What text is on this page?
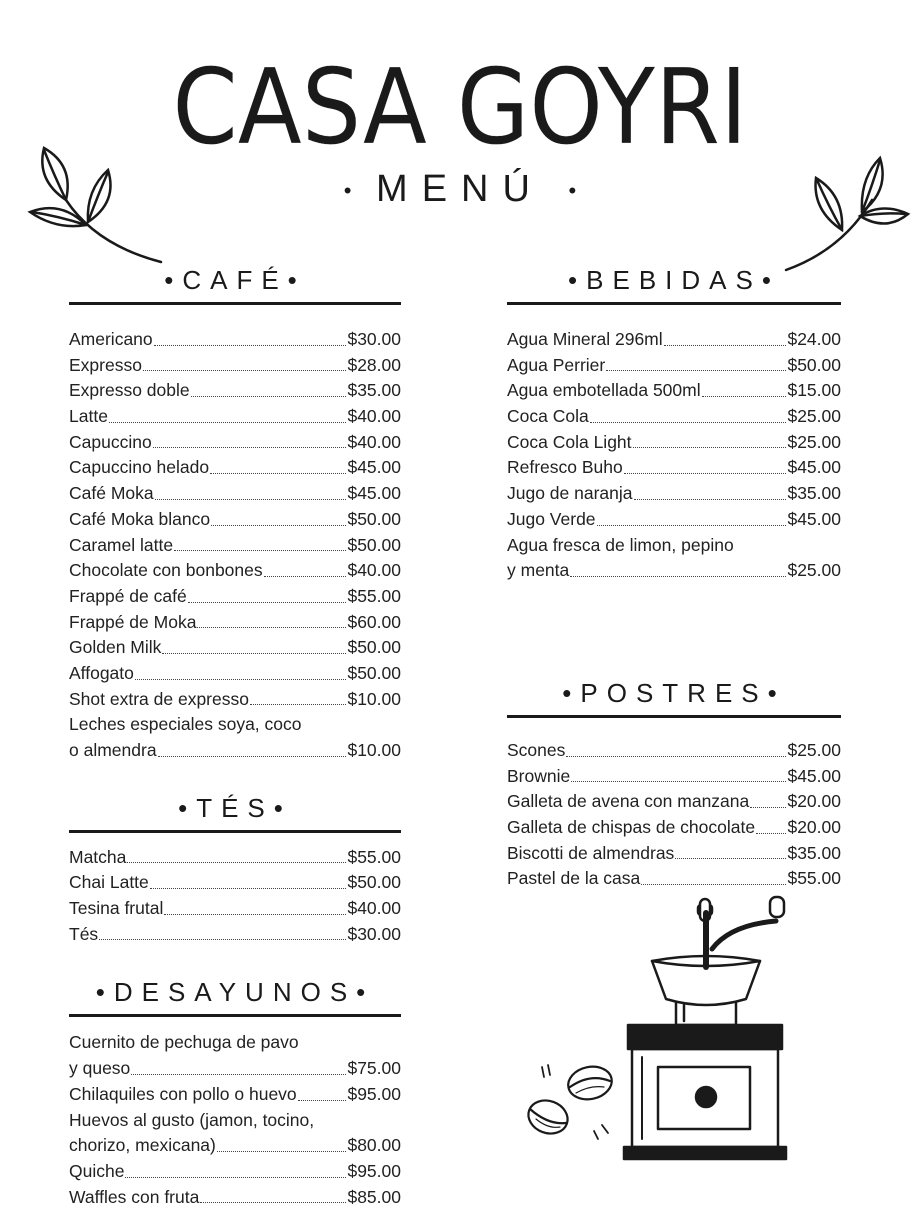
CASA GOYRI
• MENÚ •
•CAFÉ•
Americano	$30.00
Expresso	$28.00
Expresso doble	$35.00
Latte	$40.00
Capuccino	$40.00
Capuccino helado	$45.00
Café Moka	$45.00
Café Moka blanco	$50.00
Caramel latte	$50.00
Chocolate con bonbones	$40.00
Frappé de café	$55.00
Frappé de Moka	$60.00
Golden Milk	$50.00
Affogato	$50.00
Shot extra de expresso	$10.00
Leches especiales soya, coco
o almendra	$10.00
•TÉS•
Matcha	$55.00
Chai Latte	$50.00
Tesina frutal	$40.00
Tés	$30.00
•DESAYUNOS•
Cuernito de pechuga de pavo
y queso	$75.00
Chilaquiles con pollo o huevo	$95.00
Huevos al gusto (jamon, tocino,
chorizo, mexicana)	$80.00
Quiche	$95.00
Waffles con fruta	$85.00
•BEBIDAS•
Agua Mineral 296ml	$24.00
Agua Perrier	$50.00
Agua embotellada 500ml	$15.00
Coca Cola	$25.00
Coca Cola Light	$25.00
Refresco Buho	$45.00
Jugo de naranja	$35.00
Jugo Verde	$45.00
Agua fresca de limon, pepino
y menta	$25.00
•POSTRES•
Scones	$25.00
Brownie	$45.00
Galleta de avena con manzana $20.00
Galleta de chispas de chocolate $20.00
Biscotti de almendras	$35.00
Pastel de la casa	$55.00
